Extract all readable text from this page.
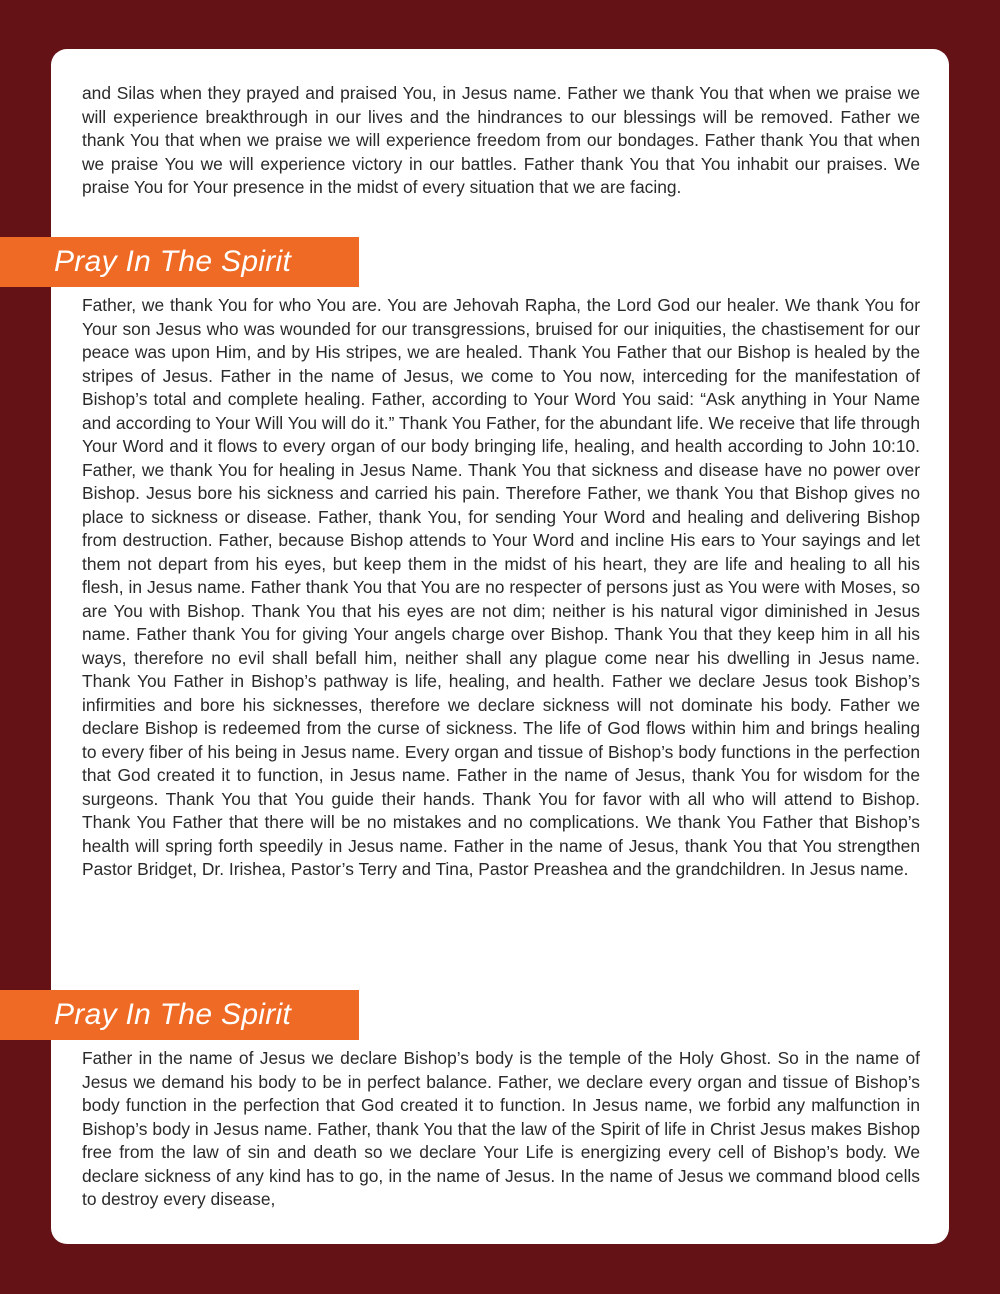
and Silas when they prayed and praised You, in Jesus name. Father we thank You that when we praise we will experience breakthrough in our lives and the hindrances to our blessings will be removed. Father we thank You that when we praise we will experience freedom from our bondages. Father thank You that when we praise You we will experience victory in our battles. Father thank You that You inhabit our praises. We praise You for Your presence in the midst of every situation that we are facing.

Pray In The Spirit

Father, we thank You for who You are. You are Jehovah Rapha, the Lord God our healer. We thank You for Your son Jesus who was wounded for our transgressions, bruised for our iniquities, the chastisement for our peace was upon Him, and by His stripes, we are healed. Thank You Father that our Bishop is healed by the stripes of Jesus. Father in the name of Jesus, we come to You now, interceding for the manifestation of Bishop’s total and complete healing. Father, according to Your Word You said: “Ask anything in Your Name and according to Your Will You will do it.” Thank You Father, for the abundant life. We receive that life through Your Word and it flows to every organ of our body bringing life, healing, and health according to John 10:10. Father, we thank You for healing in Jesus Name. Thank You that sickness and disease have no power over Bishop. Jesus bore his sickness and carried his pain. Therefore Father, we thank You that Bishop gives no place to sickness or disease. Father, thank You, for sending Your Word and healing and delivering Bishop from destruction. Father, because Bishop attends to Your Word and incline His ears to Your sayings and let them not depart from his eyes, but keep them in the midst of his heart, they are life and healing to all his flesh, in Jesus name. Father thank You that You are no respecter of persons just as You were with Moses, so are You with Bishop. Thank You that his eyes are not dim; neither is his natural vigor diminished in Jesus name. Father thank You for giving Your angels charge over Bishop. Thank You that they keep him in all his ways, therefore no evil shall befall him, neither shall any plague come near his dwelling in Jesus name. Thank You Father in Bishop’s pathway is life, healing, and health. Father we declare Jesus took Bishop’s infirmities and bore his sicknesses, therefore we declare sickness will not dominate his body. Father we declare Bishop is redeemed from the curse of sickness. The life of God flows within him and brings healing to every fiber of his being in Jesus name. Every organ and tissue of Bishop’s body functions in the perfection that God created it to function, in Jesus name. Father in the name of Jesus, thank You for wisdom for the surgeons. Thank You that You guide their hands. Thank You for favor with all who will attend to Bishop. Thank You Father that there will be no mistakes and no complications. We thank You Father that Bishop’s health will spring forth speedily in Jesus name. Father in the name of Jesus, thank You that You strengthen Pastor Bridget, Dr. Irishea, Pastor’s Terry and Tina, Pastor Preashea and the grandchildren. In Jesus name.

Pray In The Spirit

Father in the name of Jesus we declare Bishop’s body is the temple of the Holy Ghost. So in the name of Jesus we demand his body to be in perfect balance. Father, we declare every organ and tissue of Bishop’s body function in the perfection that God created it to function. In Jesus name, we forbid any malfunction in Bishop’s body in Jesus name. Father, thank You that the law of the Spirit of life in Christ Jesus makes Bishop free from the law of sin and death so we declare Your Life is energizing every cell of Bishop’s body. We declare sickness of any kind has to go, in the name of Jesus. In the name of Jesus we command blood cells to destroy every disease,
